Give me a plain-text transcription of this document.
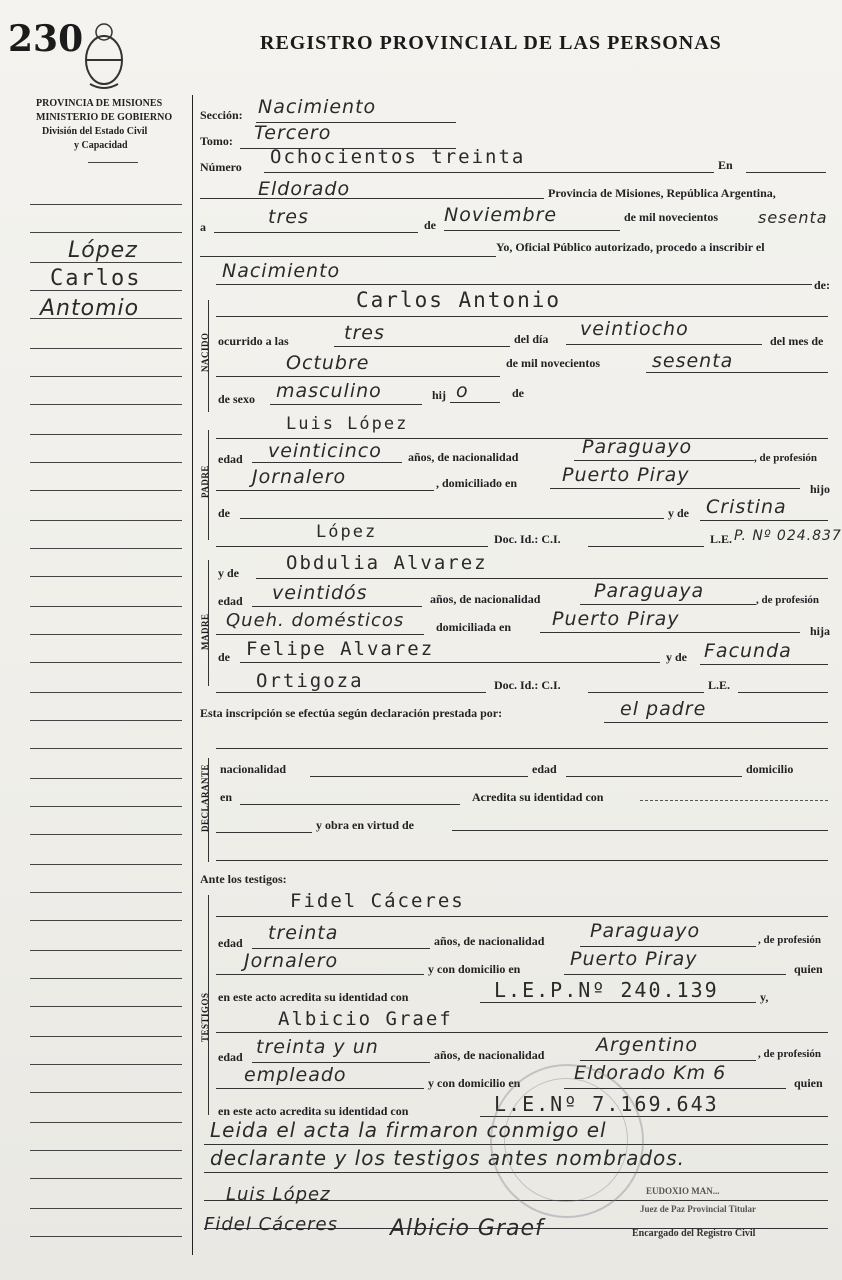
230	REGISTRO PROVINCIAL DE LAS PERSONAS
PROVINCIA DE MISIONES
MINISTERIO DE GOBIERNO
División del Estado Civil
y Capacidad
López
Carlos
Antomio
Sección: Nacimiento
Tomo: Tercero
Número Ochocientos treinta	En
Eldorado	Provincia de Misiones, República Argentina,
a	tres	de Noviembre	de mil novecientos	sesenta
Yo, Oficial Público autorizado, procedo a inscribir el
Nacimiento
de:
NACIDO
Carlos Antonio
ocurrido a las	tres	del día veintiocho
del mes de
Octubre	de mil novecientos	sesenta
de sexo masculino	hij o	de
PADRE
Luis López
edad veinticinco años, de nacionalidad	Paraguayo	, de profesión
Jornalero	, domiciliado en Puerto Piray
hijo
de	y de Cristina
López	Doc. Id.: C.I.	L.E. P. Nº 024.837
MADRE
y de Obdulia Alvarez
edad veintidós	años, de nacionalidad	Paraguaya	, de profesión
Queh. domésticos	domiciliada en Puerto Piray
hija
de Felipe Alvarez	y de Facunda
Ortigoza	Doc. Id.: C.I.	L.E.
Esta inscripción se efectúa según declaración prestada por:	el padre
DECLARANTE nacionalidad	edad	domicilio
en	Acredita su identidad con
y obra en virtud de
Ante los testigos:
TESTIGOS
Fidel Cáceres
edad treinta	años, de nacionalidad Paraguayo	, de profesión
Jornalero	y con domicilio en	Puerto Piray	quien
en este acto acredita su identidad con	L.E.P.Nº 240.139	y,
Albicio Graef
edad treinta y un	años, de nacionalidad	Argentino	, de profesión
empleado	y con domicilio en	Eldorado Km 6	quien
en este acto acredita su identidad con	L.E.Nº 7.169.643
Leida el acta la firmaron conmigo el
declarante y los testigos antes nombrados.
Luis López
Fidel Cáceres Albicio Graef
EUDOXIO MAN...
Juez de Paz Provincial Titular
Encargado del Registro Civil
